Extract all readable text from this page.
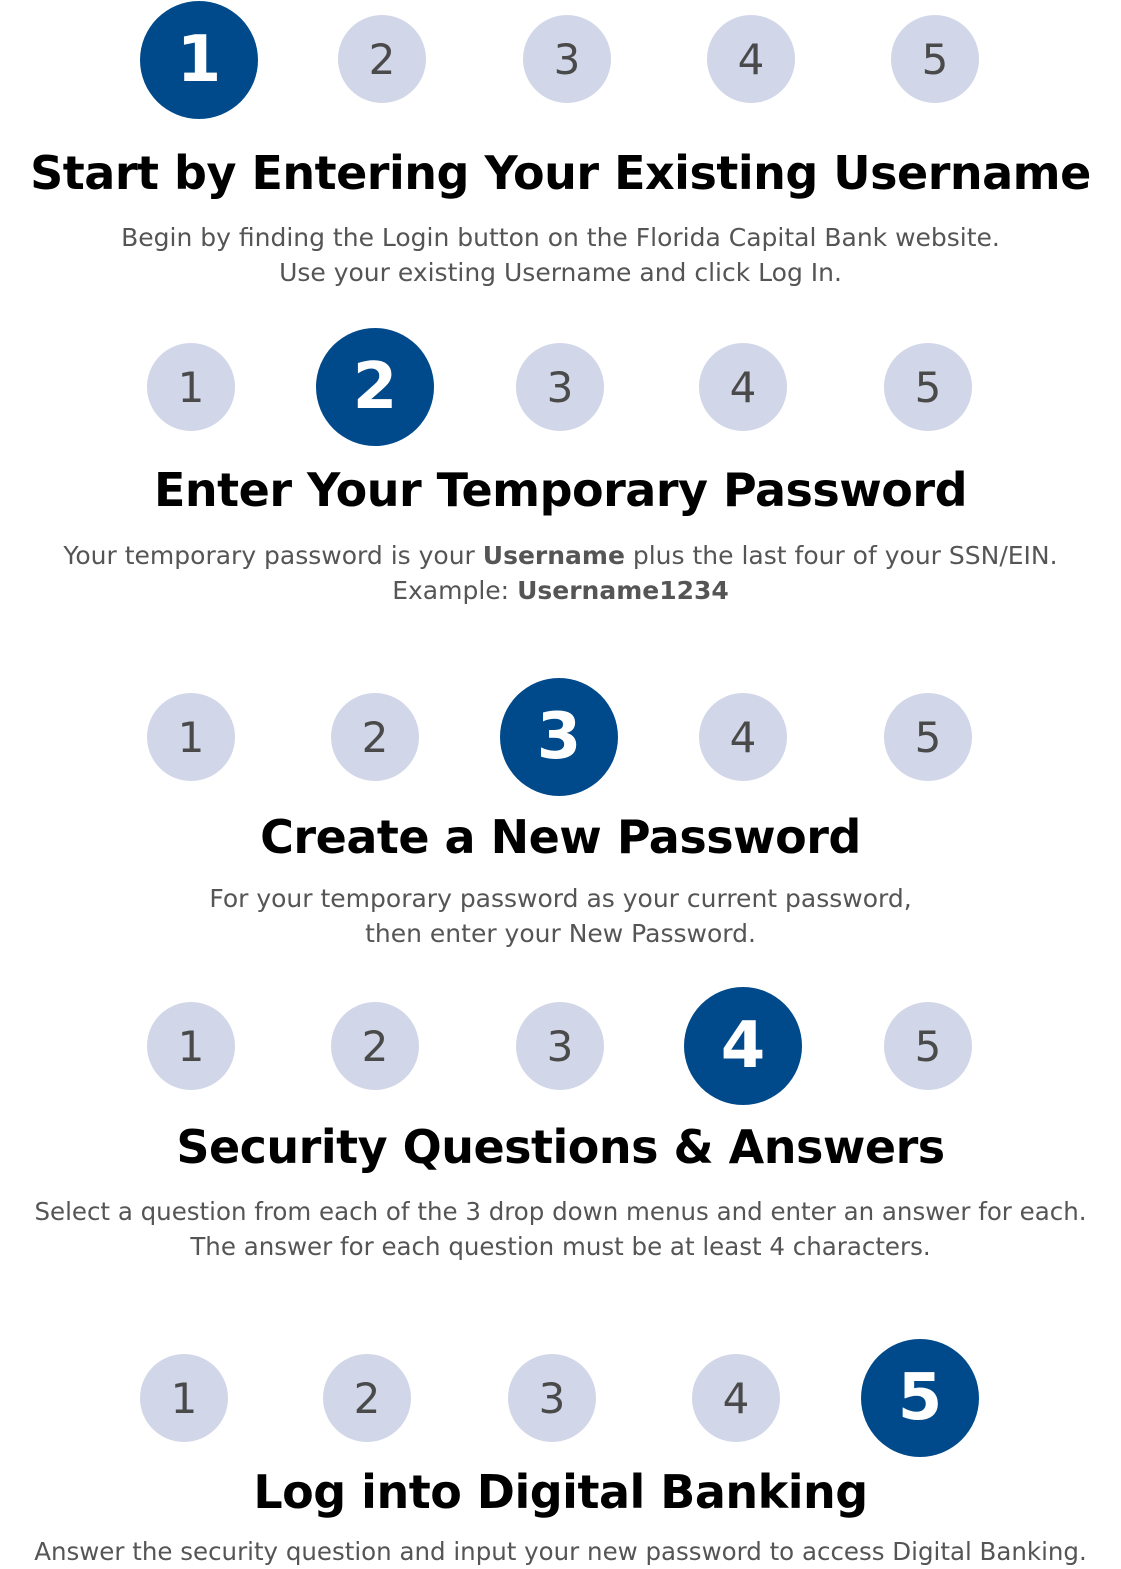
1	2	3	4	5
Start by Entering Your Existing Username
Begin by finding the Login button on the Florida Capital Bank website.
Use your existing Username and click Log In.
1	2	3	4	5
Enter Your Temporary Password
Your temporary password is your Username plus the last four of your SSN/EIN.
Example: Username1234
1	2	3	4	5
Create a New Password
For your temporary password as your current password,
then enter your New Password.
1	2	3	4	5
Security Questions & Answers
Select a question from each of the 3 drop down menus and enter an answer for each.
The answer for each question must be at least 4 characters.
1	2	3	4	5
Log into Digital Banking
Answer the security question and input your new password to access Digital Banking.
